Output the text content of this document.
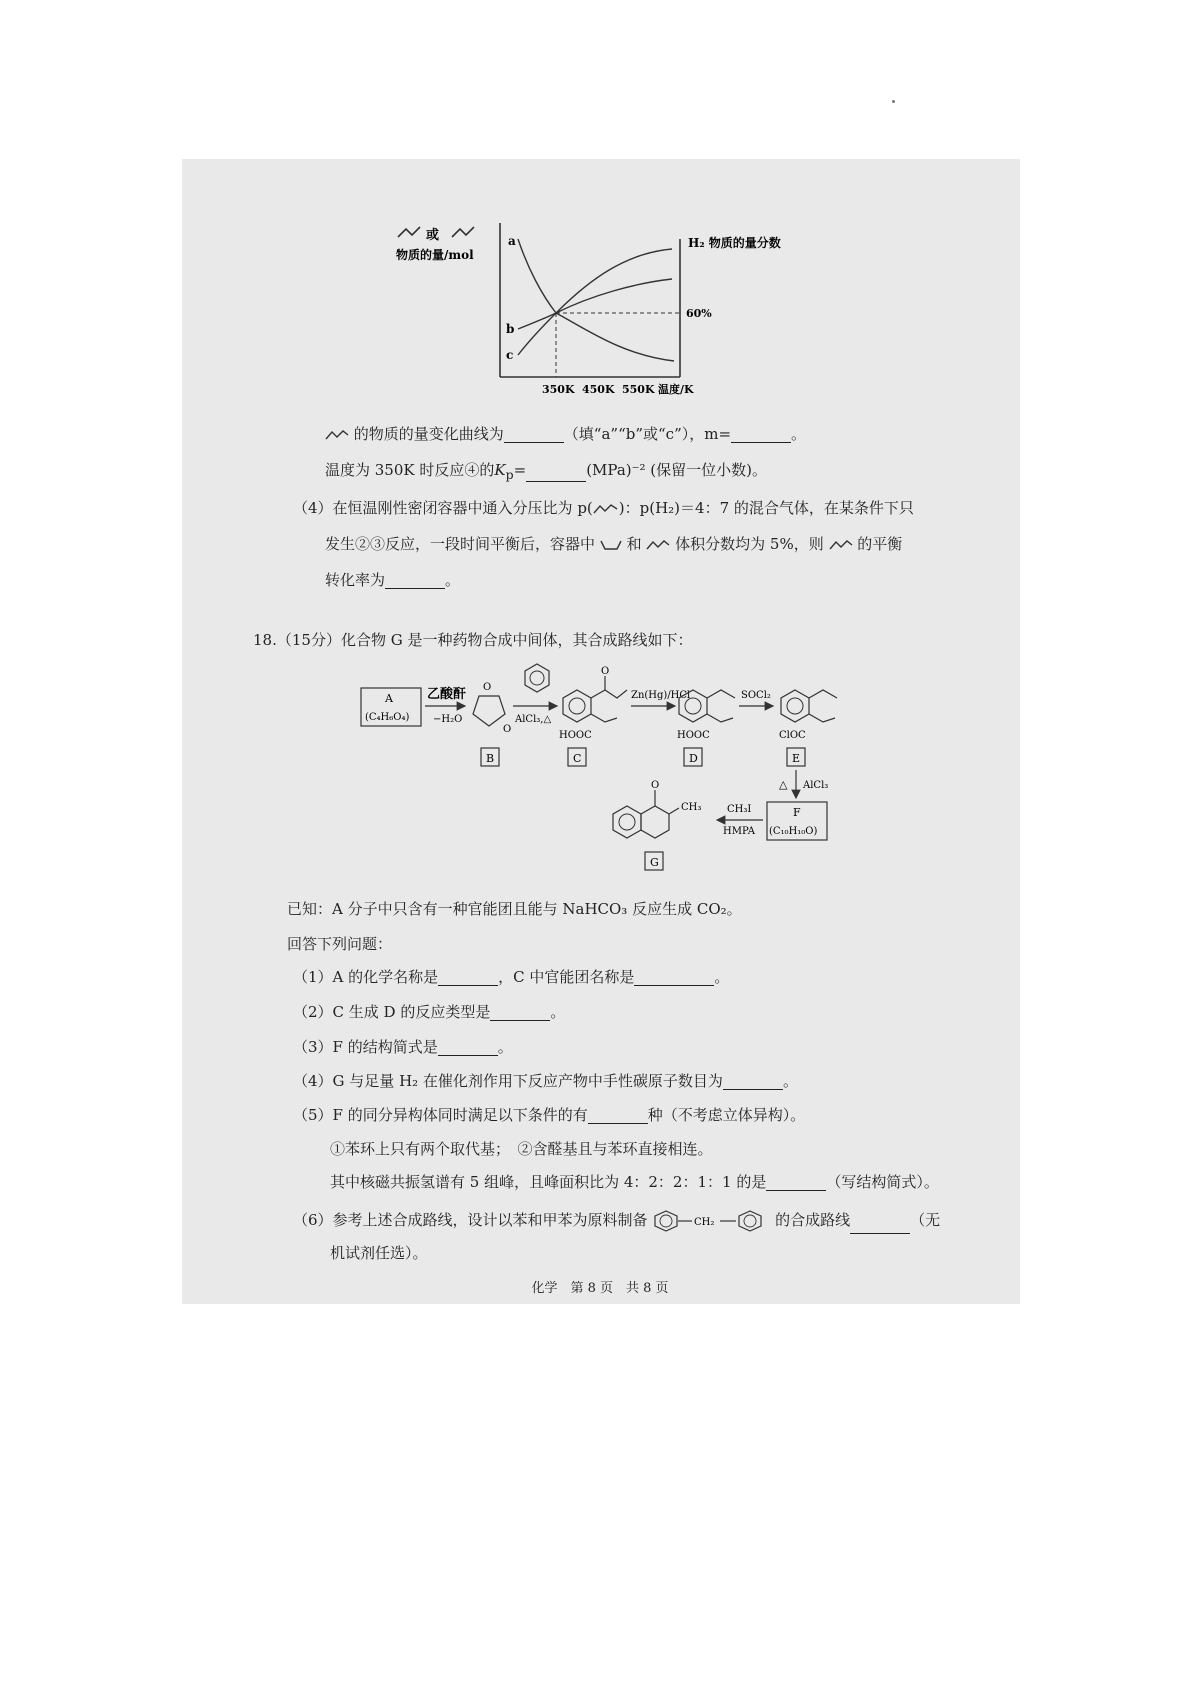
或
物质的量/mol
H₂ 物质的量分数
a
b
c
60%
350K 450K 550K 温度/K
的物质的量变化曲线为	（填“a”“b”或“c”），m=	。
温度为 350K 时反应④的$K_p=$	(MPa)⁻² (保留一位小数)。
（4）在恒温刚性密闭容器中通入分压比为 p( )：p(H₂)＝4：7 的混合气体，在某条件下只
发生②③反应，一段时间平衡后，容器中 和 体积分数均为 5%，则 的平衡
转化率为	。
18.（15分）化合物 G 是一种药物合成中间体，其合成路线如下：
A
(C₄H₆O₄)
乙酸酐
−H₂O
O
O
AlCl₃,△
O
HOOC
Zn(Hg)/HCl
HOOC
SOCl₂
ClOC
B	C	D	E
△ AlCl₃
F
(C₁₀H₁₀O)
CH₃I
HMPA
O
CH₃
G
已知：A 分子中只含有一种官能团且能与 NaHCO₃ 反应生成 CO₂。
回答下列问题：
（1）A 的化学名称是	，C 中官能团名称是	。
（2）C 生成 D 的反应类型是	。
（3）F 的结构简式是	。
（4）G 与足量 H₂ 在催化剂作用下反应产物中手性碳原子数目为	。
（5）F 的同分异构体同时满足以下条件的有	种（不考虑立体异构）。
①苯环上只有两个取代基；　②含醛基且与苯环直接相连。
其中核磁共振氢谱有 5 组峰，且峰面积比为 4：2：2：1：1 的是	（写结构简式）。
（6）参考上述合成路线，设计以苯和甲苯为原料制备	CH₂	的合成路线	（无
机试剂任选）。
化学　第 8 页　共 8 页
